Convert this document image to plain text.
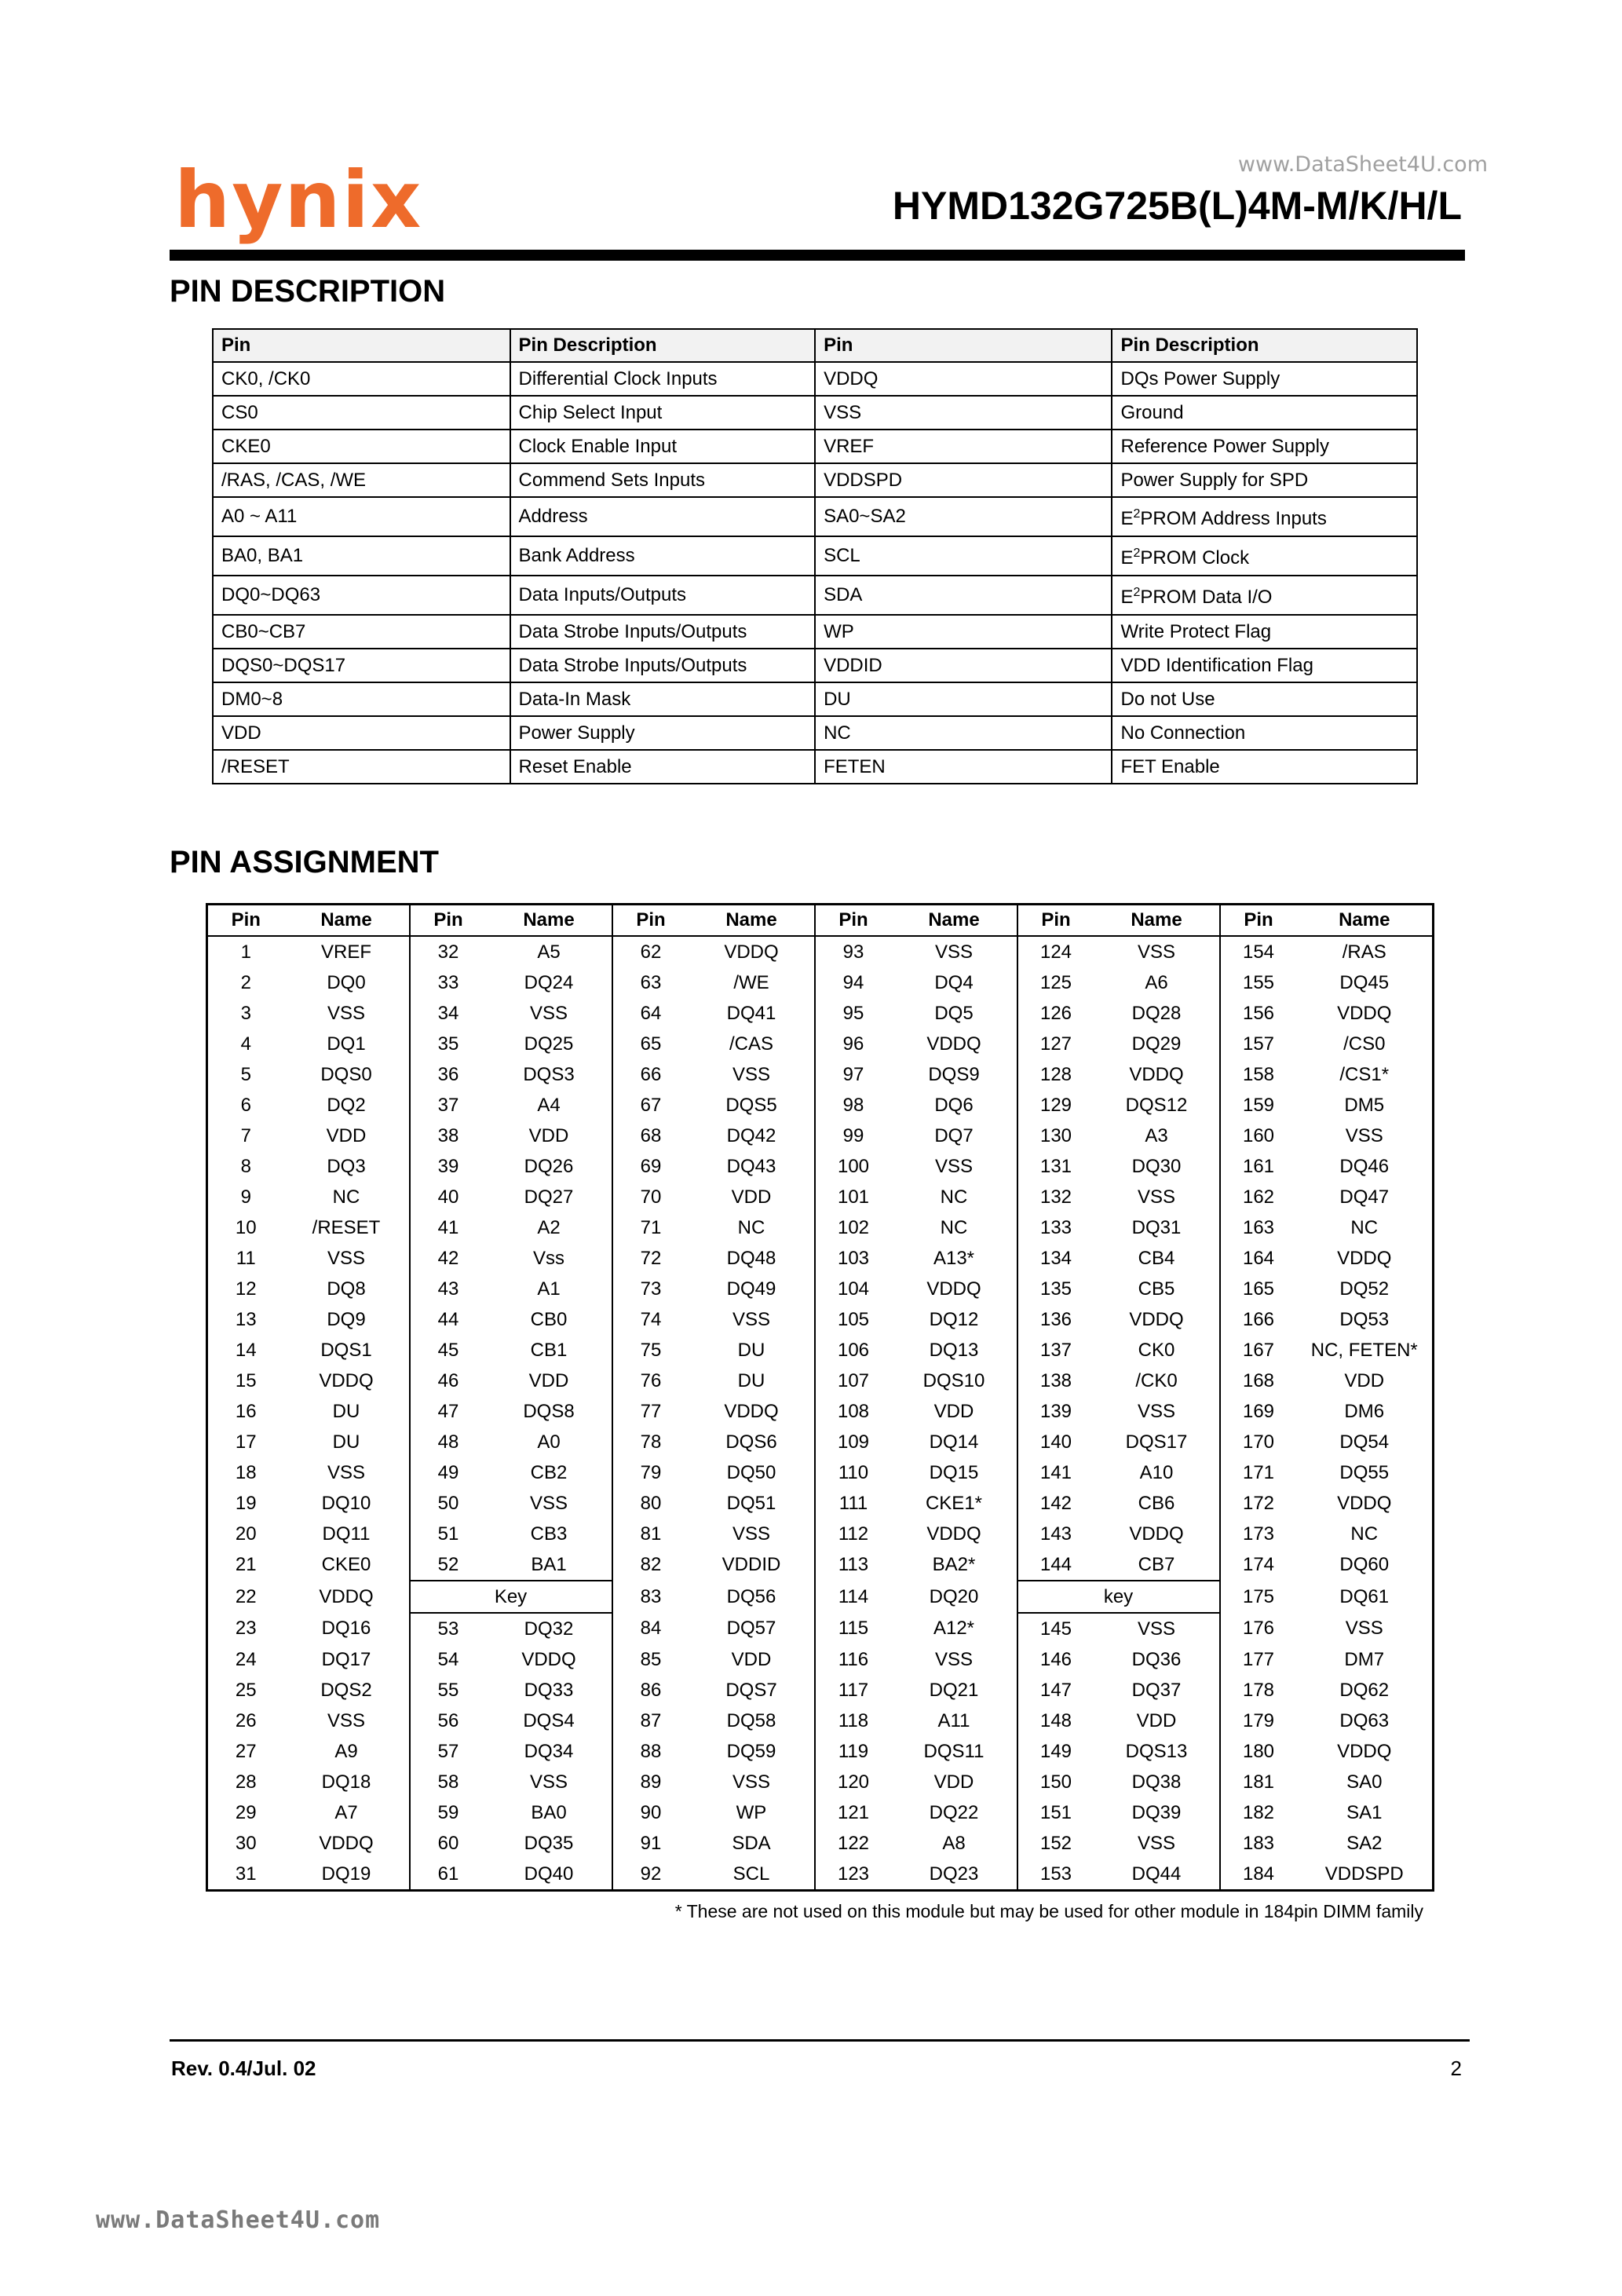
www.DataSheet4U.com
hynix	HYMD132G725B(L)4M-M/K/H/L
PIN DESCRIPTION
Pin	Pin Description	Pin	Pin Description
CK0, /CK0	Differential Clock Inputs	VDDQ	DQs Power Supply
CS0	Chip Select Input	VSS	Ground
CKE0	Clock Enable Input	VREF	Reference Power Supply
/RAS, /CAS, /WE	Commend Sets Inputs	VDDSPD	Power Supply for SPD
A0 ~ A11	Address	SA0~SA2	$E^2PROM$ Address Inputs
BA0, BA1	Bank Address	SCL	$E^2PROM$ Clock
DQ0~DQ63	Data Inputs/Outputs	SDA	$E^2PROM$ Data I/O
CB0~CB7	Data Strobe Inputs/Outputs	WP	Write Protect Flag
DQS0~DQS17	Data Strobe Inputs/Outputs	VDDID	VDD Identification Flag
DM0~8	Data-In Mask	DU	Do not Use
VDD	Power Supply	NC	No Connection
/RESET	Reset Enable	FETEN	FET Enable
PIN ASSIGNMENT
Pin	Name	Pin	Name	Pin	Name	Pin	Name	Pin	Name	Pin	Name
1	VREF	32	A5	62	VDDQ	93	VSS	124	VSS	154	/RAS
2	DQ0	33	DQ24	63	/WE	94	DQ4	125	A6	155	DQ45
3	VSS	34	VSS	64	DQ41	95	DQ5	126	DQ28	156	VDDQ
4	DQ1	35	DQ25	65	/CAS	96	VDDQ	127	DQ29	157	/CS0
5	DQS0	36	DQS3	66	VSS	97	DQS9	128	VDDQ	158	/CS1*
6	DQ2	37	A4	67	DQS5	98	DQ6	129	DQS12	159	DM5
7	VDD	38	VDD	68	DQ42	99	DQ7	130	A3	160	VSS
8	DQ3	39	DQ26	69	DQ43	100	VSS	131	DQ30	161	DQ46
9	NC	40	DQ27	70	VDD	101	NC	132	VSS	162	DQ47
10	/RESET	41	A2	71	NC	102	NC	133	DQ31	163	NC
11	VSS	42	Vss	72	DQ48	103	A13*	134	CB4	164	VDDQ
12	DQ8	43	A1	73	DQ49	104	VDDQ	135	CB5	165	DQ52
13	DQ9	44	CB0	74	VSS	105	DQ12	136	VDDQ	166	DQ53
14	DQS1	45	CB1	75	DU	106	DQ13	137	CK0	167	NC, FETEN*
15	VDDQ	46	VDD	76	DU	107	DQS10	138	/CK0	168	VDD
16	DU	47	DQS8	77	VDDQ	108	VDD	139	VSS	169	DM6
17	DU	48	A0	78	DQS6	109	DQ14	140	DQS17	170	DQ54
18	VSS	49	CB2	79	DQ50	110	DQ15	141	A10	171	DQ55
19	DQ10	50	VSS	80	DQ51	111	CKE1*	142	CB6	172	VDDQ
20	DQ11	51	CB3	81	VSS	112	VDDQ	143	VDDQ	173	NC
21	CKE0	52	BA1	82	VDDID	113	BA2*	144	CB7	174	DQ60
22	VDDQ	Key		83	DQ56	114	DQ20	key		175	DQ61
23	DQ16	53	DQ32	84	DQ57	115	A12*	145	VSS	176	VSS
24	DQ17	54	VDDQ	85	VDD	116	VSS	146	DQ36	177	DM7
25	DQS2	55	DQ33	86	DQS7	117	DQ21	147	DQ37	178	DQ62
26	VSS	56	DQS4	87	DQ58	118	A11	148	VDD	179	DQ63
27	A9	57	DQ34	88	DQ59	119	DQS11	149	DQS13	180	VDDQ
28	DQ18	58	VSS	89	VSS	120	VDD	150	DQ38	181	SA0
29	A7	59	BA0	90	WP	121	DQ22	151	DQ39	182	SA1
30	VDDQ	60	DQ35	91	SDA	122	A8	152	VSS	183	SA2
31	DQ19	61	DQ40	92	SCL	123	DQ23	153	DQ44	184	VDDSPD
* These are not used on this module but may be used for other module in 184pin DIMM family
Rev. 0.4/Jul. 02	2
www.DataSheet4U.com
